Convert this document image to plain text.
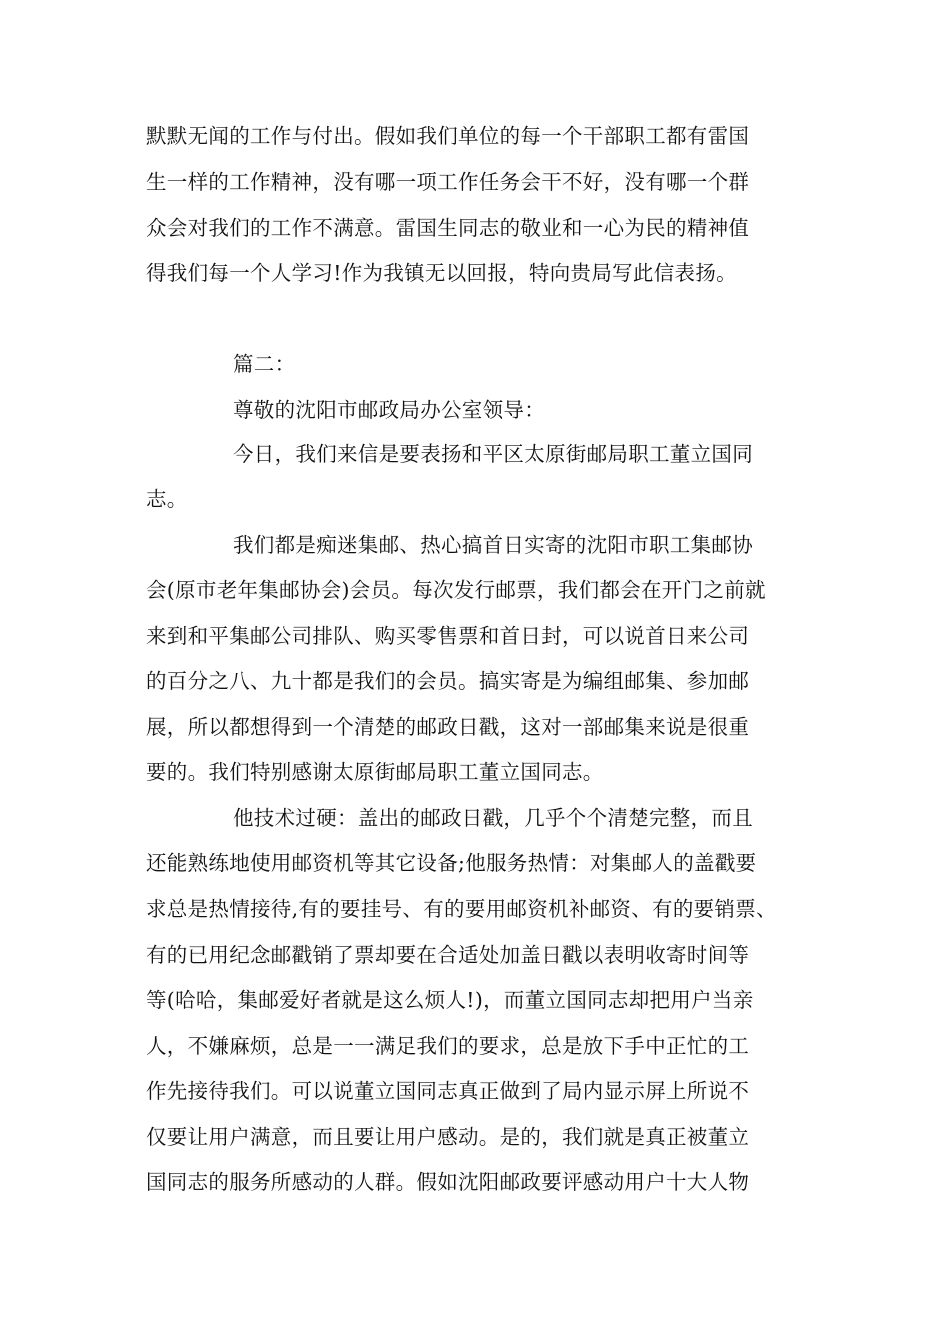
默默无闻的工作与付出。假如我们单位的每一个干部职工都有雷国
生一样的工作精神，没有哪一项工作任务会干不好，没有哪一个群
众会对我们的工作不满意。雷国生同志的敬业和一心为民的精神值
得我们每一个人学习!作为我镇无以回报，特向贵局写此信表扬。
篇二：
尊敬的沈阳市邮政局办公室领导：
今日，我们来信是要表扬和平区太原街邮局职工董立国同
志。
我们都是痴迷集邮、热心搞首日实寄的沈阳市职工集邮协
会(原市老年集邮协会)会员。每次发行邮票，我们都会在开门之前就
来到和平集邮公司排队、购买零售票和首日封，可以说首日来公司
的百分之八、九十都是我们的会员。搞实寄是为编组邮集、参加邮
展，所以都想得到一个清楚的邮政日戳，这对一部邮集来说是很重
要的。我们特别感谢太原街邮局职工董立国同志。
他技术过硬：盖出的邮政日戳，几乎个个清楚完整，而且
还能熟练地使用邮资机等其它设备;他服务热情：对集邮人的盖戳要
求总是热情接待,有的要挂号、有的要用邮资机补邮资、有的要销票、
有的已用纪念邮戳销了票却要在合适处加盖日戳以表明收寄时间等
等(哈哈，集邮爱好者就是这么烦人!)，而董立国同志却把用户当亲
人，不嫌麻烦，总是一一满足我们的要求，总是放下手中正忙的工
作先接待我们。可以说董立国同志真正做到了局内显示屏上所说不
仅要让用户满意，而且要让用户感动。是的，我们就是真正被董立
国同志的服务所感动的人群。假如沈阳邮政要评感动用户十大人物
